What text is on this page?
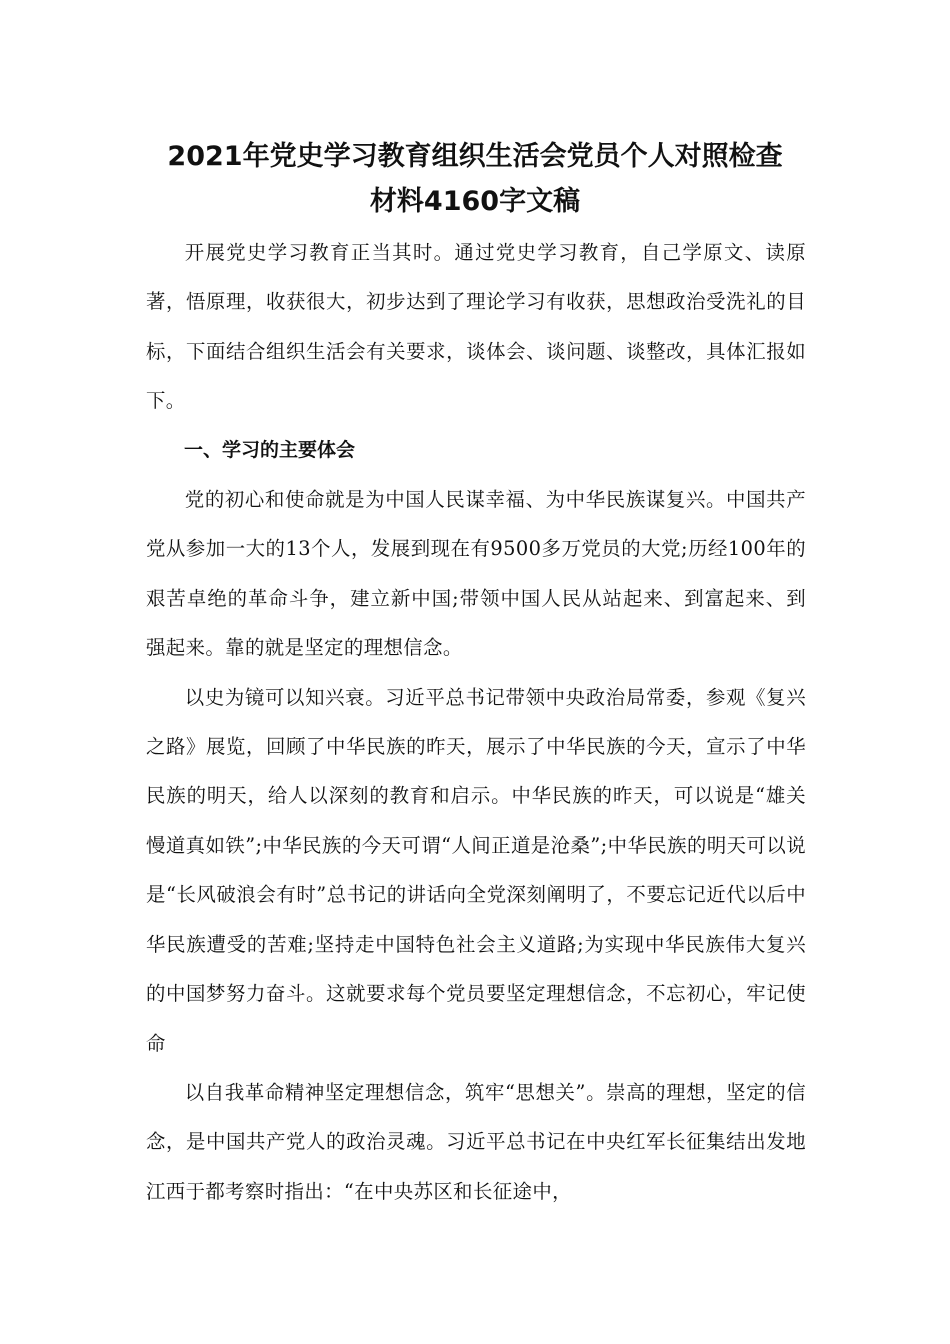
2021年党史学习教育组织生活会党员个人对照检查
材料4160字文稿

开展党史学习教育正当其时。通过党史学习教育，自己学原文、读原著，悟原理，收获很大，初步达到了理论学习有收获，思想政治受洗礼的目标，下面结合组织生活会有关要求，谈体会、谈问题、谈整改，具体汇报如下。

一、学习的主要体会

党的初心和使命就是为中国人民谋幸福、为中华民族谋复兴。中国共产党从参加一大的13个人，发展到现在有9500多万党员的大党;历经100年的艰苦卓绝的革命斗争，建立新中国;带领中国人民从站起来、到富起来、到强起来。靠的就是坚定的理想信念。

以史为镜可以知兴衰。习近平总书记带领中央政治局常委，参观《复兴之路》展览，回顾了中华民族的昨天，展示了中华民族的今天，宣示了中华民族的明天，给人以深刻的教育和启示。中华民族的昨天，可以说是“雄关慢道真如铁”;中华民族的今天可谓“人间正道是沧桑”;中华民族的明天可以说是“长风破浪会有时”总书记的讲话向全党深刻阐明了，不要忘记近代以后中华民族遭受的苦难;坚持走中国特色社会主义道路;为实现中华民族伟大复兴的中国梦努力奋斗。这就要求每个党员要坚定理想信念，不忘初心，牢记使命

以自我革命精神坚定理想信念，筑牢“思想关”。崇高的理想，坚定的信念，是中国共产党人的政治灵魂。习近平总书记在中央红军长征集结出发地江西于都考察时指出：“在中央苏区和长征途中，
